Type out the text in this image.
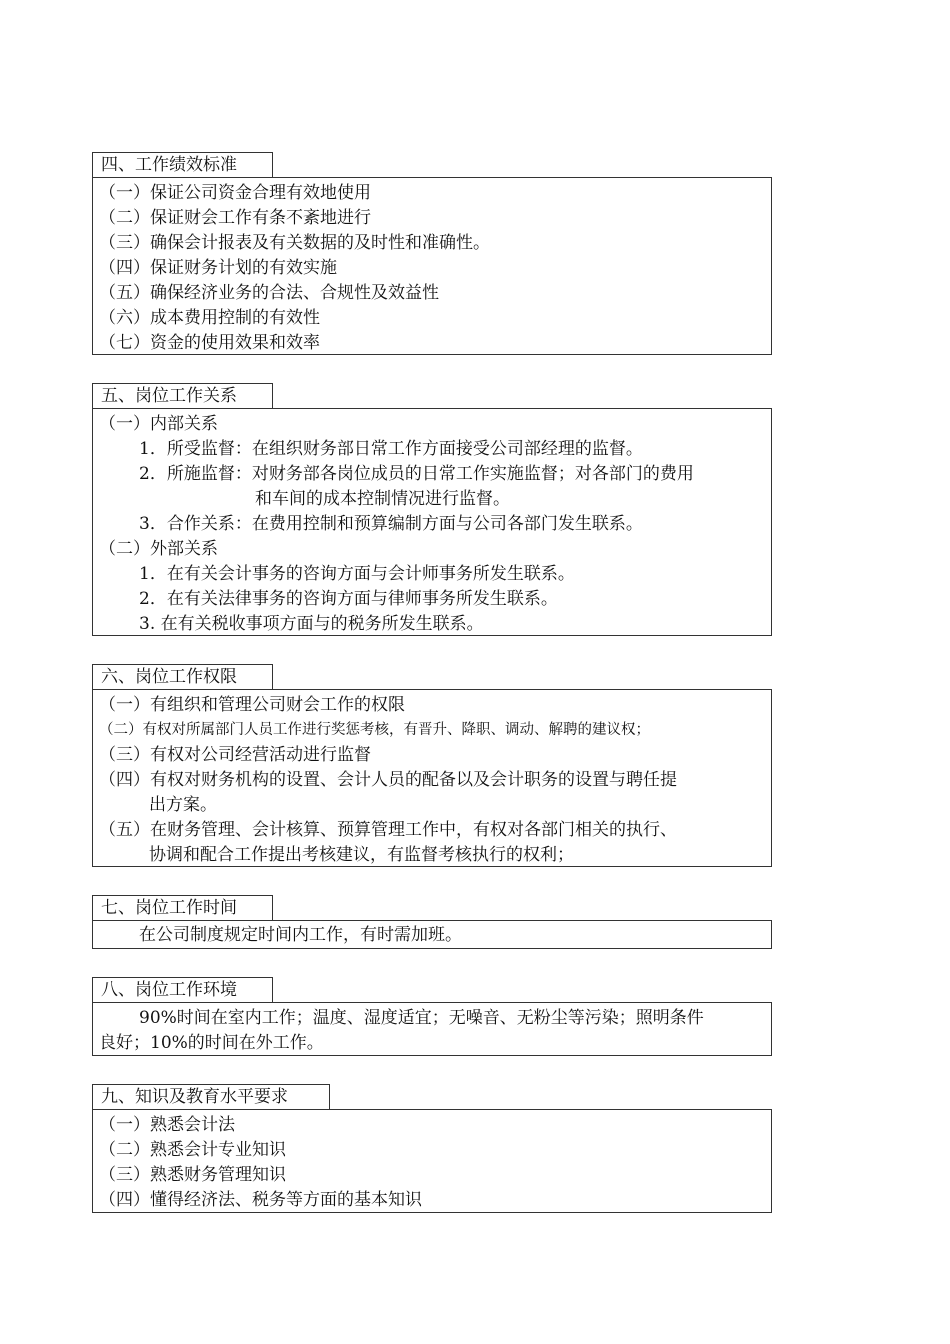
四、工作绩效标准
（一）保证公司资金合理有效地使用
（二）保证财会工作有条不紊地进行
（三）确保会计报表及有关数据的及时性和准确性。
（四）保证财务计划的有效实施
（五）确保经济业务的合法、合规性及效益性
（六）成本费用控制的有效性
（七）资金的使用效果和效率
五、岗位工作关系
（一）内部关系
1．所受监督：在组织财务部日常工作方面接受公司部经理的监督。
2．所施监督：对财务部各岗位成员的日常工作实施监督；对各部门的费用
和车间的成本控制情况进行监督。
3．合作关系：在费用控制和预算编制方面与公司各部门发生联系。
（二）外部关系
1．在有关会计事务的咨询方面与会计师事务所发生联系。
2．在有关法律事务的咨询方面与律师事务所发生联系。
3. 在有关税收事项方面与的税务所发生联系。
六、岗位工作权限
（一）有组织和管理公司财会工作的权限
（二）有权对所属部门人员工作进行奖惩考核，有晋升、降职、调动、解聘的建议权；
（三）有权对公司经营活动进行监督
（四）有权对财务机构的设置、会计人员的配备以及会计职务的设置与聘任提
出方案。
（五）在财务管理、会计核算、预算管理工作中，有权对各部门相关的执行、
协调和配合工作提出考核建议，有监督考核执行的权利；
七、岗位工作时间
在公司制度规定时间内工作，有时需加班。
八、岗位工作环境
90%时间在室内工作；温度、湿度适宜；无噪音、无粉尘等污染；照明条件
良好；10%的时间在外工作。
九、知识及教育水平要求
（一）熟悉会计法
（二）熟悉会计专业知识
（三）熟悉财务管理知识
（四）懂得经济法、税务等方面的基本知识
